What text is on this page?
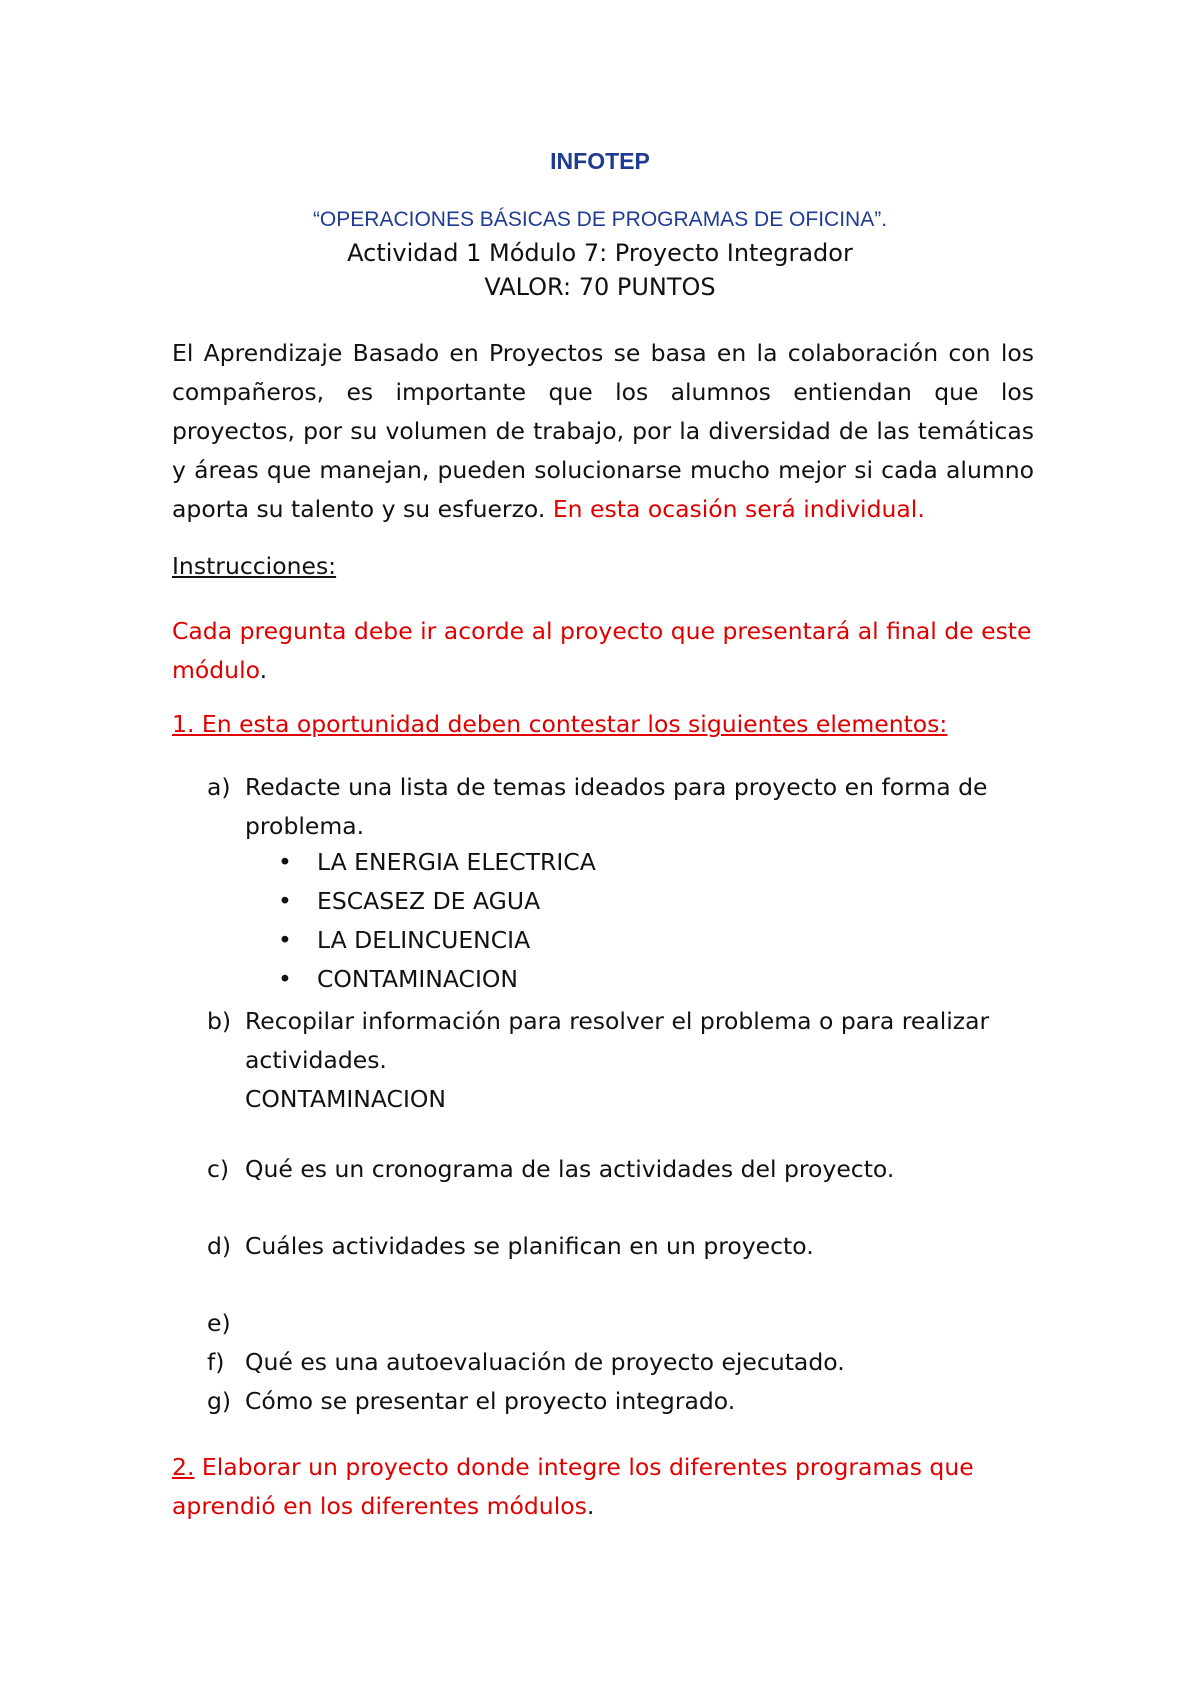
INFOTEP
“OPERACIONES BÁSICAS DE PROGRAMAS DE OFICINA”.
Actividad 1 Módulo 7: Proyecto Integrador
VALOR: 70 PUNTOS
El Aprendizaje Basado en Proyectos se basa en la colaboración con los compañeros, es importante que los alumnos entiendan que los proyectos, por su volumen de trabajo, por la diversidad de las temáticas y áreas que manejan, pueden solucionarse mucho mejor si cada alumno aporta su talento y su esfuerzo. En esta ocasión será individual.
Instrucciones:
Cada pregunta debe ir acorde al proyecto que presentará al final de este módulo.
1. En esta oportunidad deben contestar los siguientes elementos:
a) Redacte una lista de temas ideados para proyecto en forma de problema.
• LA ENERGIA ELECTRICA
• ESCASEZ DE AGUA
• LA DELINCUENCIA
• CONTAMINACION
b) Recopilar información para resolver el problema o para realizar actividades.
CONTAMINACION
c) Qué es un cronograma de las actividades del proyecto.
d) Cuáles actividades se planifican en un proyecto.
e)
f) Qué es una autoevaluación de proyecto ejecutado.
g) Cómo se presentar el proyecto integrado.
2. Elaborar un proyecto donde integre los diferentes programas que aprendió en los diferentes módulos.
